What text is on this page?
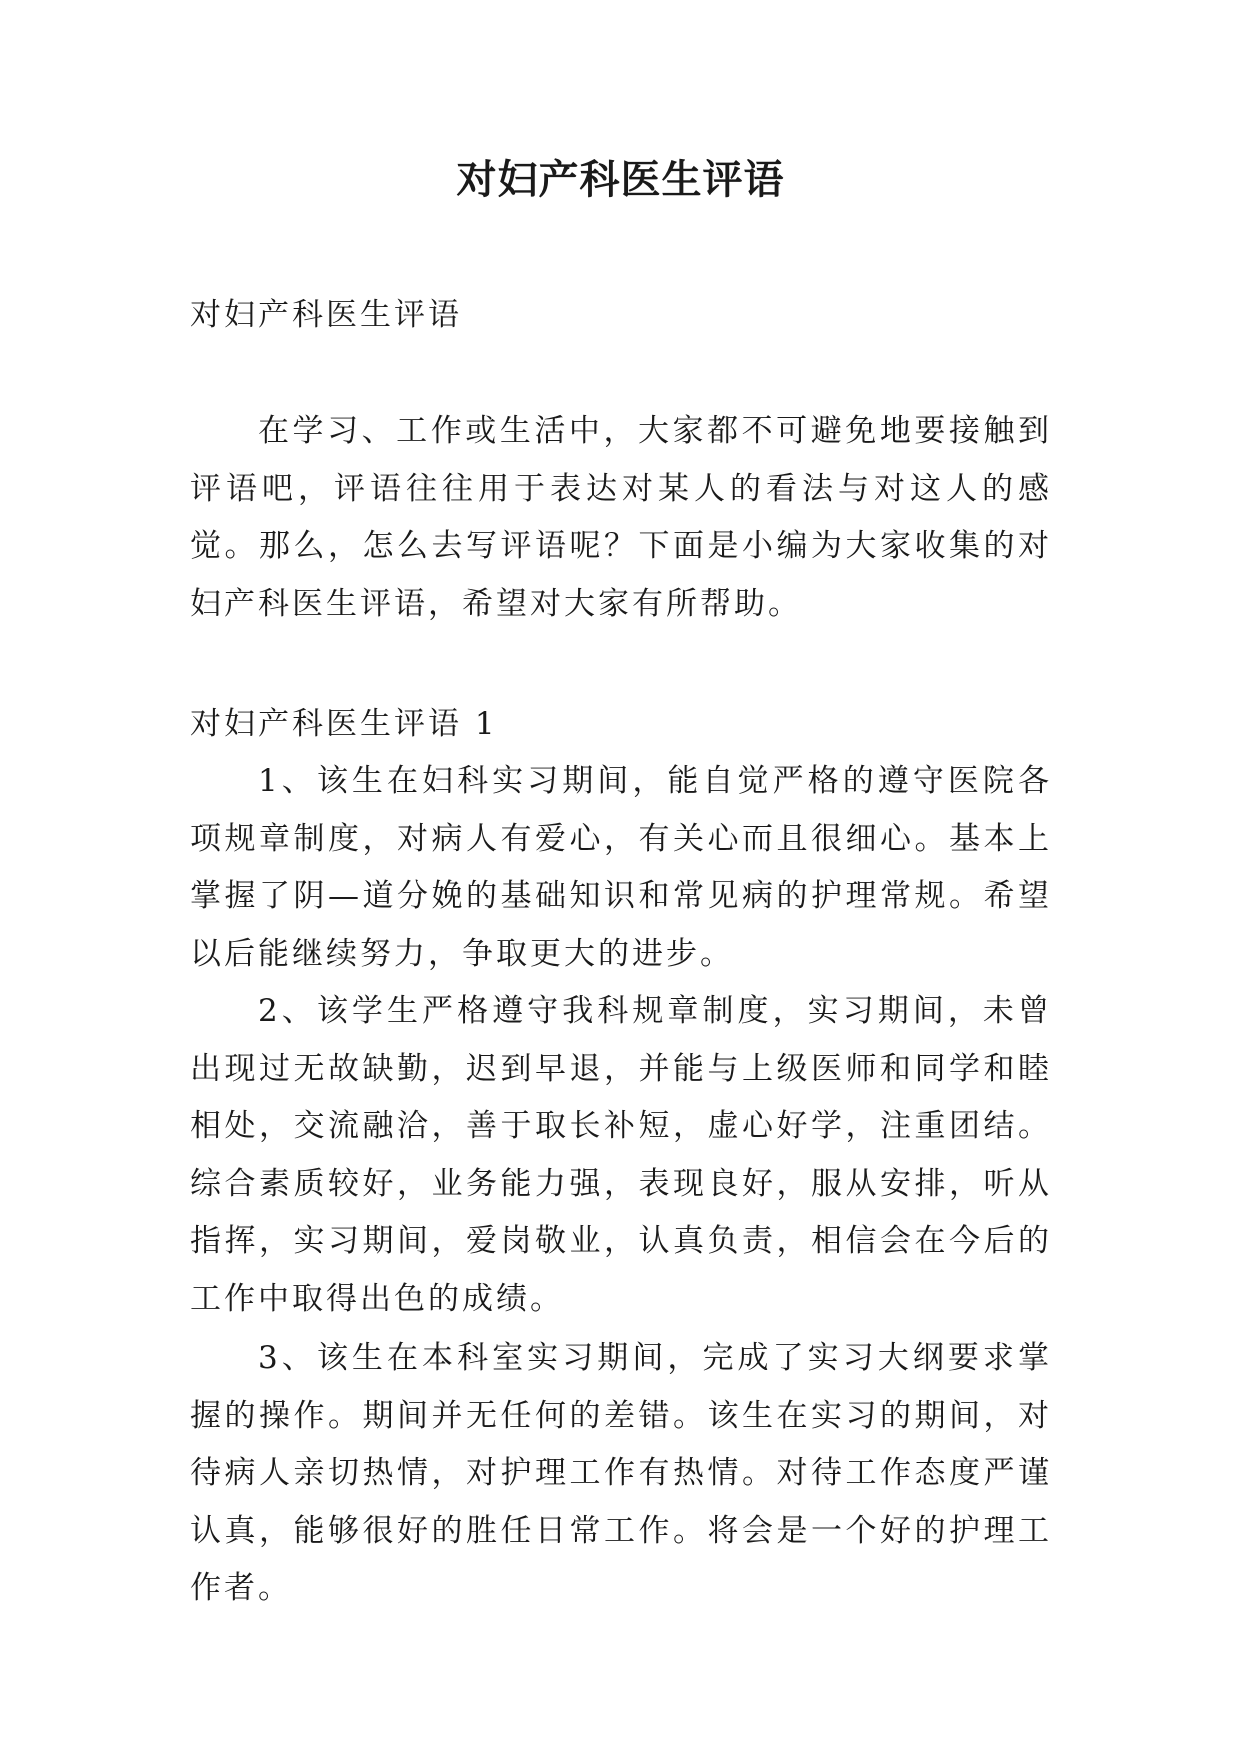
对妇产科医生评语

对妇产科医生评语

在学习、工作或生活中，大家都不可避免地要接触到评语吧，评语往往用于表达对某人的看法与对这人的感觉。那么，怎么去写评语呢？下面是小编为大家收集的对妇产科医生评语，希望对大家有所帮助。

对妇产科医生评语 1

1、该生在妇科实习期间，能自觉严格的遵守医院各项规章制度，对病人有爱心，有关心而且很细心。基本上掌握了阴—道分娩的基础知识和常见病的护理常规。希望以后能继续努力，争取更大的进步。

2、该学生严格遵守我科规章制度，实习期间，未曾出现过无故缺勤，迟到早退，并能与上级医师和同学和睦相处，交流融洽，善于取长补短，虚心好学，注重团结。综合素质较好，业务能力强，表现良好，服从安排，听从指挥，实习期间，爱岗敬业，认真负责，相信会在今后的工作中取得出色的成绩。

3、该生在本科室实习期间，完成了实习大纲要求掌握的操作。期间并无任何的差错。该生在实习的期间，对待病人亲切热情，对护理工作有热情。对待工作态度严谨认真，能够很好的胜任日常工作。将会是一个好的护理工作者。
